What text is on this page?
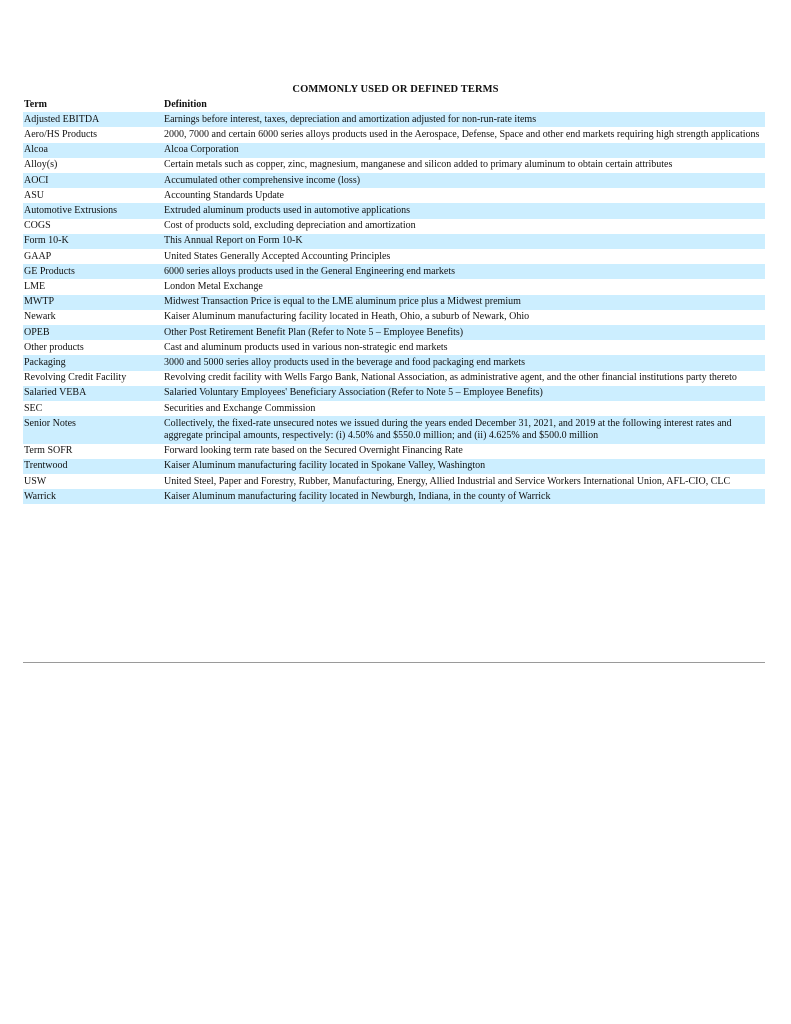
COMMONLY USED OR DEFINED TERMS
Term	Definition
Adjusted EBITDA	Earnings before interest, taxes, depreciation and amortization adjusted for non-run-rate items
Aero/HS Products	2000, 7000 and certain 6000 series alloys products used in the Aerospace, Defense, Space and other end markets requiring high strength applications
Alcoa	Alcoa Corporation
Alloy(s)	Certain metals such as copper, zinc, magnesium, manganese and silicon added to primary aluminum to obtain certain attributes
AOCI	Accumulated other comprehensive income (loss)
ASU	Accounting Standards Update
Automotive Extrusions	Extruded aluminum products used in automotive applications
COGS	Cost of products sold, excluding depreciation and amortization
Form 10-K	This Annual Report on Form 10-K
GAAP	United States Generally Accepted Accounting Principles
GE Products	6000 series alloys products used in the General Engineering end markets
LME	London Metal Exchange
MWTP	Midwest Transaction Price is equal to the LME aluminum price plus a Midwest premium
Newark	Kaiser Aluminum manufacturing facility located in Heath, Ohio, a suburb of Newark, Ohio
OPEB	Other Post Retirement Benefit Plan (Refer to Note 5 – Employee Benefits)
Other products	Cast and aluminum products used in various non-strategic end markets
Packaging	3000 and 5000 series alloy products used in the beverage and food packaging end markets
Revolving Credit Facility	Revolving credit facility with Wells Fargo Bank, National Association, as administrative agent, and the other financial institutions party thereto
Salaried VEBA	Salaried Voluntary Employees' Beneficiary Association (Refer to Note 5 – Employee Benefits)
SEC	Securities and Exchange Commission
Senior Notes	Collectively, the fixed-rate unsecured notes we issued during the years ended December 31, 2021, and 2019 at the following interest rates and aggregate principal amounts, respectively: (i) 4.50% and $550.0 million; and (ii) 4.625% and $500.0 million
Term SOFR	Forward looking term rate based on the Secured Overnight Financing Rate
Trentwood	Kaiser Aluminum manufacturing facility located in Spokane Valley, Washington
USW	United Steel, Paper and Forestry, Rubber, Manufacturing, Energy, Allied Industrial and Service Workers International Union, AFL-CIO, CLC
Warrick	Kaiser Aluminum manufacturing facility located in Newburgh, Indiana, in the county of Warrick
